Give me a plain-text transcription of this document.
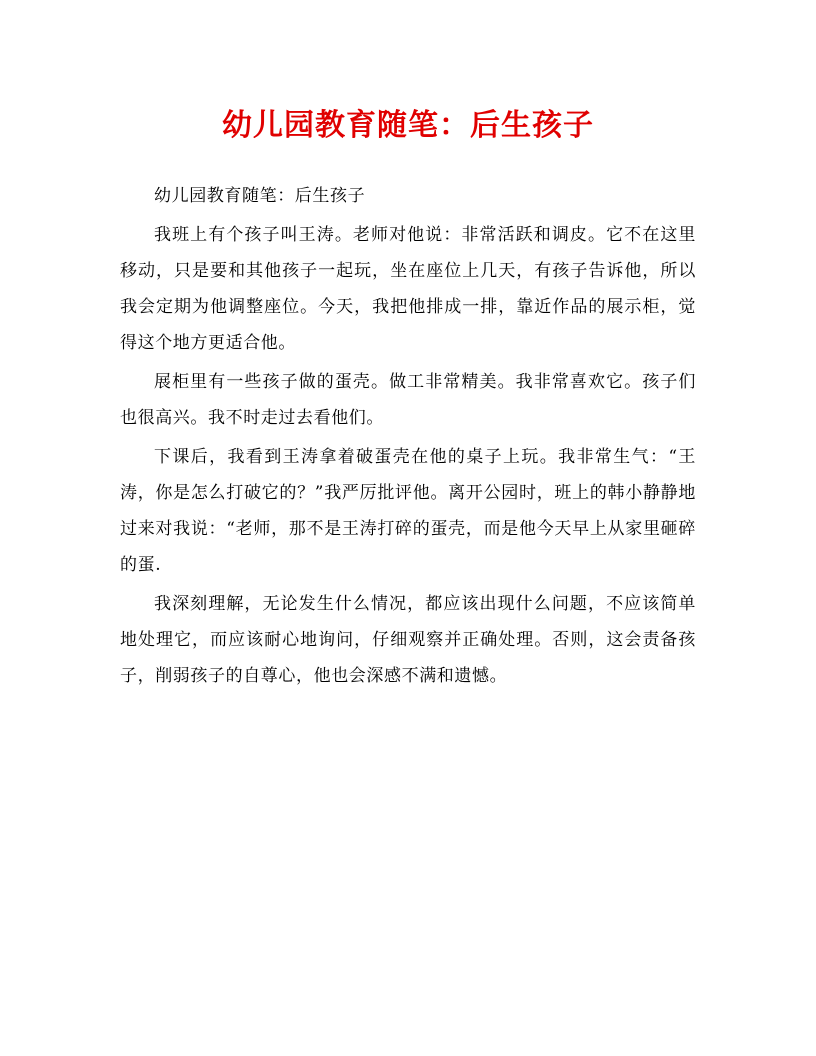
幼儿园教育随笔：后生孩子

幼儿园教育随笔：后生孩子

我班上有个孩子叫王涛。老师对他说：非常活跃和调皮。它不在这里移动，只是要和其他孩子一起玩，坐在座位上几天，有孩子告诉他，所以我会定期为他调整座位。今天，我把他排成一排，靠近作品的展示柜，觉得这个地方更适合他。

展柜里有一些孩子做的蛋壳。做工非常精美。我非常喜欢它。孩子们也很高兴。我不时走过去看他们。

下课后，我看到王涛拿着破蛋壳在他的桌子上玩。我非常生气：“王涛，你是怎么打破它的？”我严厉批评他。离开公园时，班上的韩小静静地过来对我说：“老师，那不是王涛打碎的蛋壳，而是他今天早上从家里砸碎的蛋.

我深刻理解，无论发生什么情况，都应该出现什么问题，不应该简单地处理它，而应该耐心地询问，仔细观察并正确处理。否则，这会责备孩子，削弱孩子的自尊心，他也会深感不满和遗憾。
